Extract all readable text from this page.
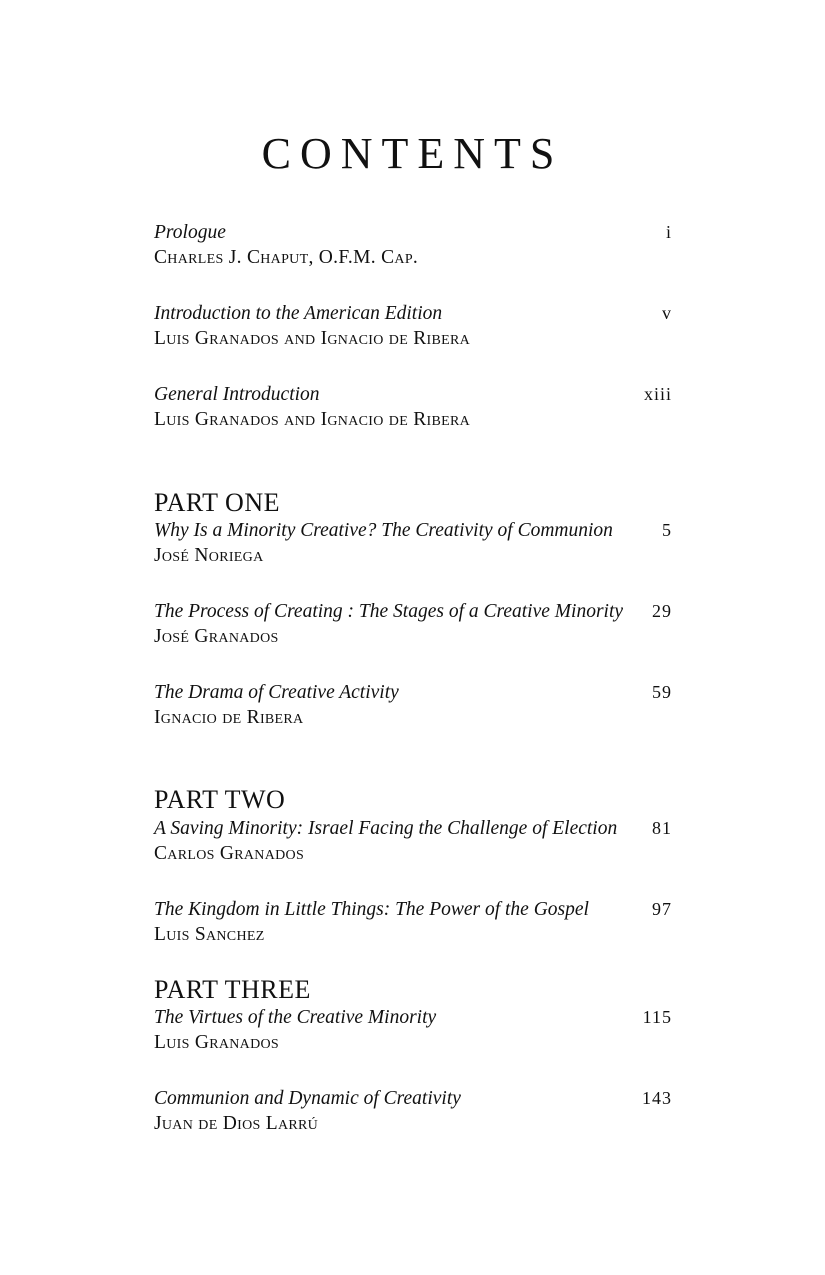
CONTENTS
Prologue	i
Charles J. Chaput, O.F.M. Cap.
Introduction to the American Edition	v
Luis Granados and Ignacio de Ribera
General Introduction	xiii
Luis Granados and Ignacio de Ribera
PART ONE
Why Is a Minority Creative? The Creativity of Communion	5
José Noriega
The Process of Creating : The Stages of a Creative Minority 29
José Granados
The Drama of Creative Activity	59
Ignacio de Ribera
PART TWO
A Saving Minority: Israel Facing the Challenge of Election 81
Carlos Granados
The Kingdom in Little Things: The Power of the Gospel	97
Luis Sanchez
PART THREE
The Virtues of the Creative Minority	115
Luis Granados
Communion and Dynamic of Creativity	143
Juan de Dios Larrú
